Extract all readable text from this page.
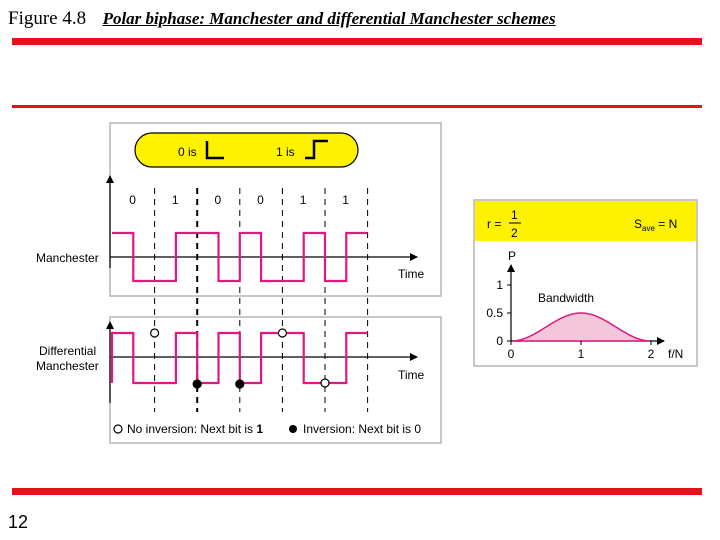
Figure 4.8 Polar biphase: Manchester and differential Manchester schemes
12
0 is	1 is
0	1	0	0	1	1
Manchester
Time
Differential
Manchester
Time
No inversion: Next bit is 1	Inversion: Next bit is 0
r =
1
2
$S_{ave} = N$
P
1
0.5
0
0	1	2
Bandwidth
f/N
